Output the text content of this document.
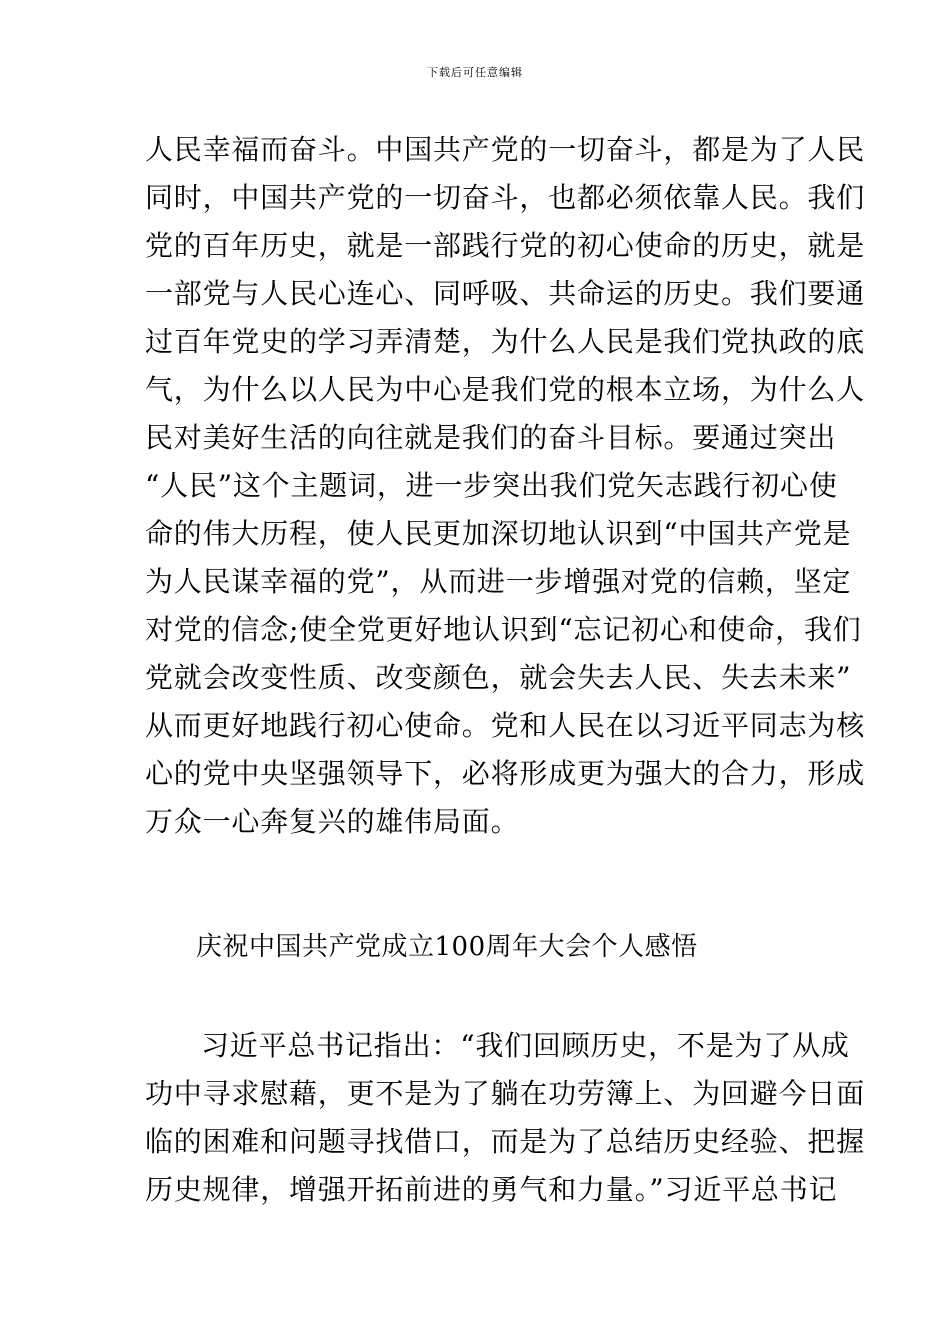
下载后可任意编辑
人民幸福而奋斗。中国共产党的一切奋斗，都是为了人民
同时，中国共产党的一切奋斗，也都必须依靠人民。我们
党的百年历史，就是一部践行党的初心使命的历史，就是
一部党与人民心连心、同呼吸、共命运的历史。我们要通
过百年党史的学习弄清楚，为什么人民是我们党执政的底
气，为什么以人民为中心是我们党的根本立场，为什么人
民对美好生活的向往就是我们的奋斗目标。要通过突出
“人民”这个主题词，进一步突出我们党矢志践行初心使
命的伟大历程，使人民更加深切地认识到“中国共产党是
为人民谋幸福的党”，从而进一步增强对党的信赖，坚定
对党的信念;使全党更好地认识到“忘记初心和使命，我们
党就会改变性质、改变颜色，就会失去人民、失去未来”
从而更好地践行初心使命。党和人民在以习近平同志为核
心的党中央坚强领导下，必将形成更为强大的合力，形成
万众一心奔复兴的雄伟局面。
庆祝中国共产党成立100周年大会个人感悟
习近平总书记指出：“我们回顾历史，不是为了从成
功中寻求慰藉，更不是为了躺在功劳簿上、为回避今日面
临的困难和问题寻找借口，而是为了总结历史经验、把握
历史规律，增强开拓前进的勇气和力量。”习近平总书记
